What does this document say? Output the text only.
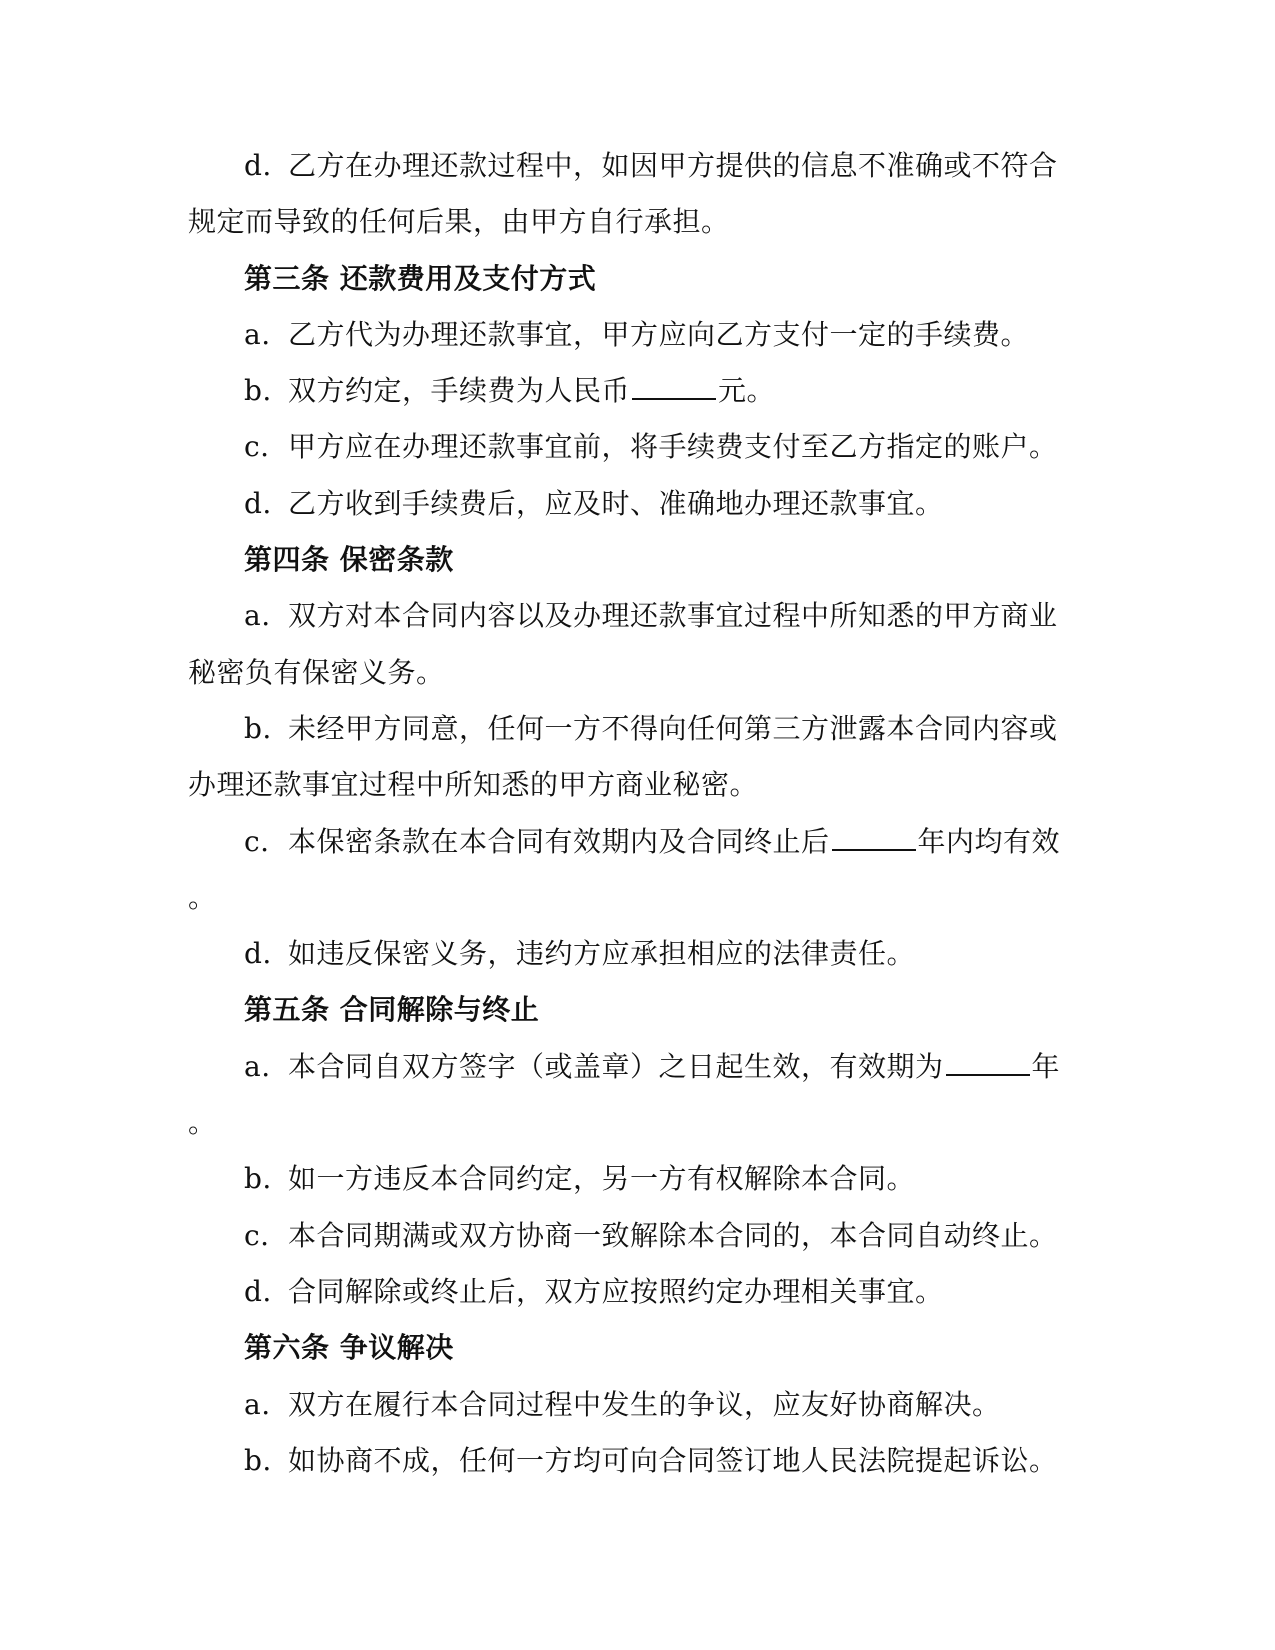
d. 乙方在办理还款过程中，如因甲方提供的信息不准确或不符合
规定而导致的任何后果，由甲方自行承担。
第三条 还款费用及支付方式
a. 乙方代为办理还款事宜，甲方应向乙方支付一定的手续费。
b. 双方约定，手续费为人民币	元。
c. 甲方应在办理还款事宜前，将手续费支付至乙方指定的账户。
d. 乙方收到手续费后，应及时、准确地办理还款事宜。
第四条 保密条款
a. 双方对本合同内容以及办理还款事宜过程中所知悉的甲方商业
秘密负有保密义务。
b. 未经甲方同意，任何一方不得向任何第三方泄露本合同内容或
办理还款事宜过程中所知悉的甲方商业秘密。
c. 本保密条款在本合同有效期内及合同终止后	年内均有效
。
d. 如违反保密义务，违约方应承担相应的法律责任。
第五条 合同解除与终止
a. 本合同自双方签字（或盖章）之日起生效，有效期为	年
。
b. 如一方违反本合同约定，另一方有权解除本合同。
c. 本合同期满或双方协商一致解除本合同的，本合同自动终止。
d. 合同解除或终止后，双方应按照约定办理相关事宜。
第六条 争议解决
a. 双方在履行本合同过程中发生的争议，应友好协商解决。
b. 如协商不成，任何一方均可向合同签订地人民法院提起诉讼。
